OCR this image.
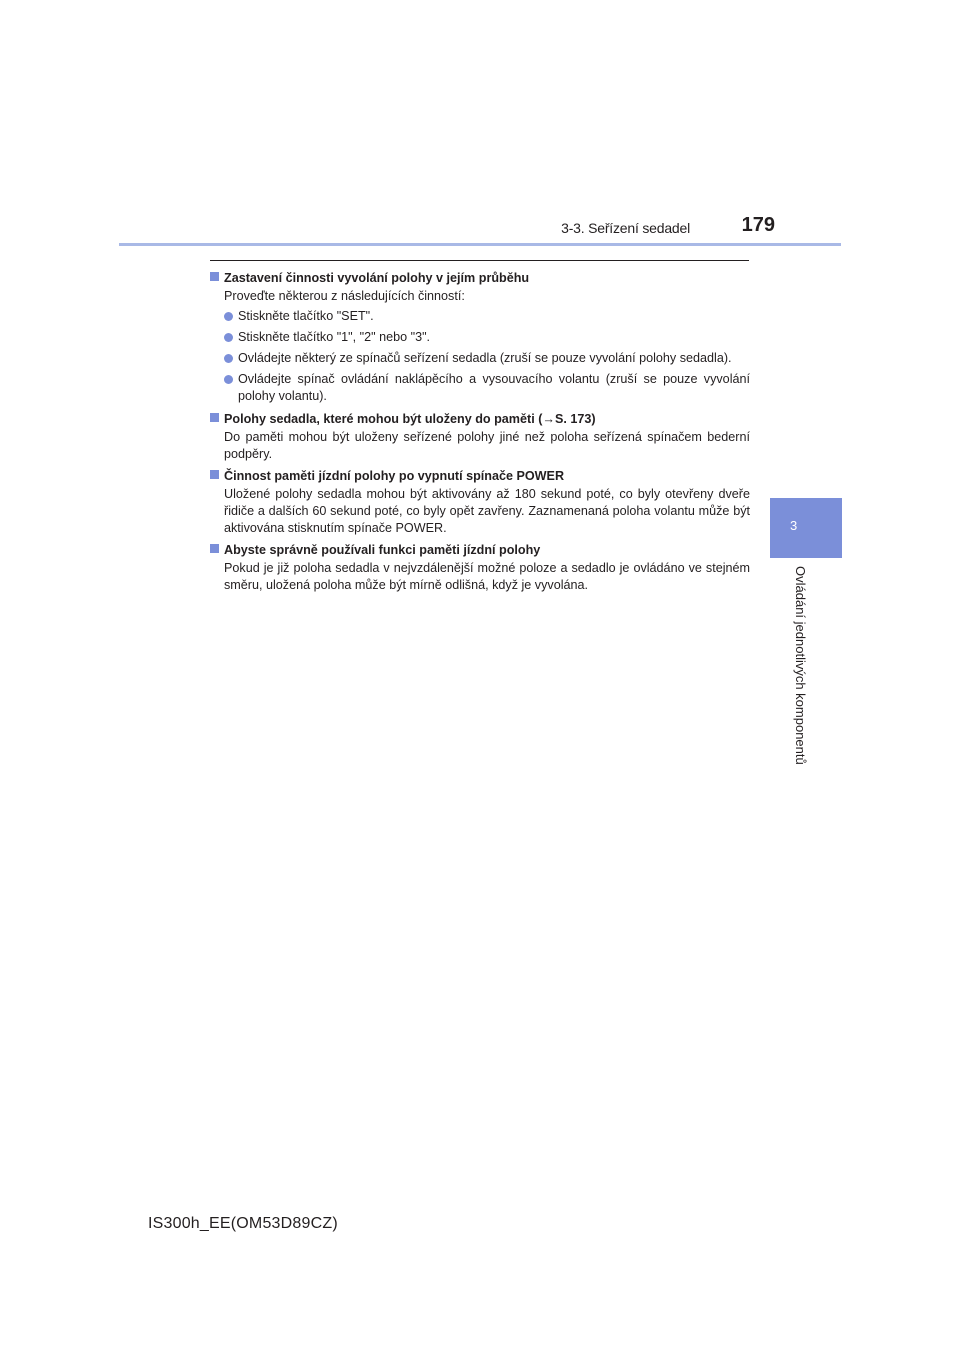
3-3. Seřízení sedadel	179
3
Ovládání jednotlivých komponentů
Zastavení činnosti vyvolání polohy v jejím průběhu
Proveďte některou z následujících činností:
Stiskněte tlačítko "SET".
Stiskněte tlačítko "1", "2" nebo "3".
Ovládejte některý ze spínačů seřízení sedadla (zruší se pouze vyvolání polohy sedadla).
Ovládejte spínač ovládání naklápěcího a vysouvacího volantu (zruší se pouze vyvolání polohy volantu).
Polohy sedadla, které mohou být uloženy do paměti (→S. 173)
Do paměti mohou být uloženy seřízené polohy jiné než poloha seřízená spínačem bederní podpěry.
Činnost paměti jízdní polohy po vypnutí spínače POWER
Uložené polohy sedadla mohou být aktivovány až 180 sekund poté, co byly otevřeny dveře řidiče a dalších 60 sekund poté, co byly opět zavřeny. Zaznamenaná poloha volantu může být aktivována stisknutím spínače POWER.
Abyste správně používali funkci paměti jízdní polohy
Pokud je již poloha sedadla v nejvzdálenější možné poloze a sedadlo je ovládáno ve stejném směru, uložená poloha může být mírně odlišná, když je vyvolána.
IS300h_EE(OM53D89CZ)
